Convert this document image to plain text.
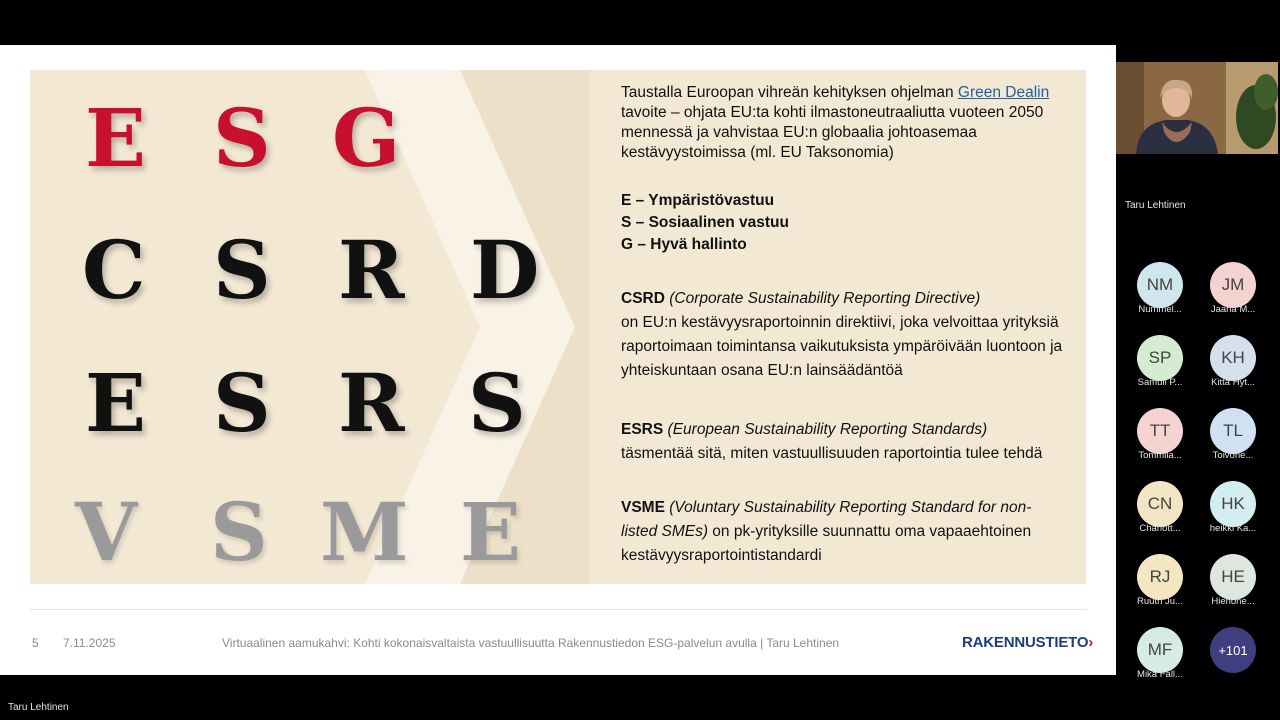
E S G
C S R D
E S R S
V S M E
Taustalla Euroopan vihreän kehityksen ohjelman Green Dealin tavoite – ohjata EU:ta kohti ilmastoneutraaliutta vuoteen 2050 mennessä ja vahvistaa EU:n globaalia johtoasemaa kestävyystoimissa (ml. EU Taksonomia)
E – Ympäristövastuu
S – Sosiaalinen vastuu
G – Hyvä hallinto
CSRD (Corporate Sustainability Reporting Directive)
on EU:n kestävyysraportoinnin direktiivi, joka velvoittaa yrityksiä raportoimaan toimintansa vaikutuksista ympäröivään luontoon ja yhteiskuntaan osana EU:n lainsäädäntöä
ESRS (European Sustainability Reporting Standards)
täsmentää sitä, miten vastuullisuuden raportointia tulee tehdä
VSME (Voluntary Sustainability Reporting Standard for non-listed SMEs) on pk-yrityksille suunnattu oma vapaaehtoinen kestävyysraportointistandardi
5 7.11.2025	Virtuaalinen aamukahvi: Kohti kokonaisvaltaista vastuullisuutta Rakennustiedon ESG-palvelun avulla | Taru Lehtinen	RAKENNUSTIETO›
Taru Lehtinen
NM
Nummel...
JM
Jaana M...
SP
Samuli P...
KH
Kitta Hyt...
TT
Tommila...
TL
Toivone...
CN
Charlott...
HK
heikki Ka...
RJ
Ruuth Ju...
HE
Hienone...
MF
Mika Fall...
+101
Taru Lehtinen
